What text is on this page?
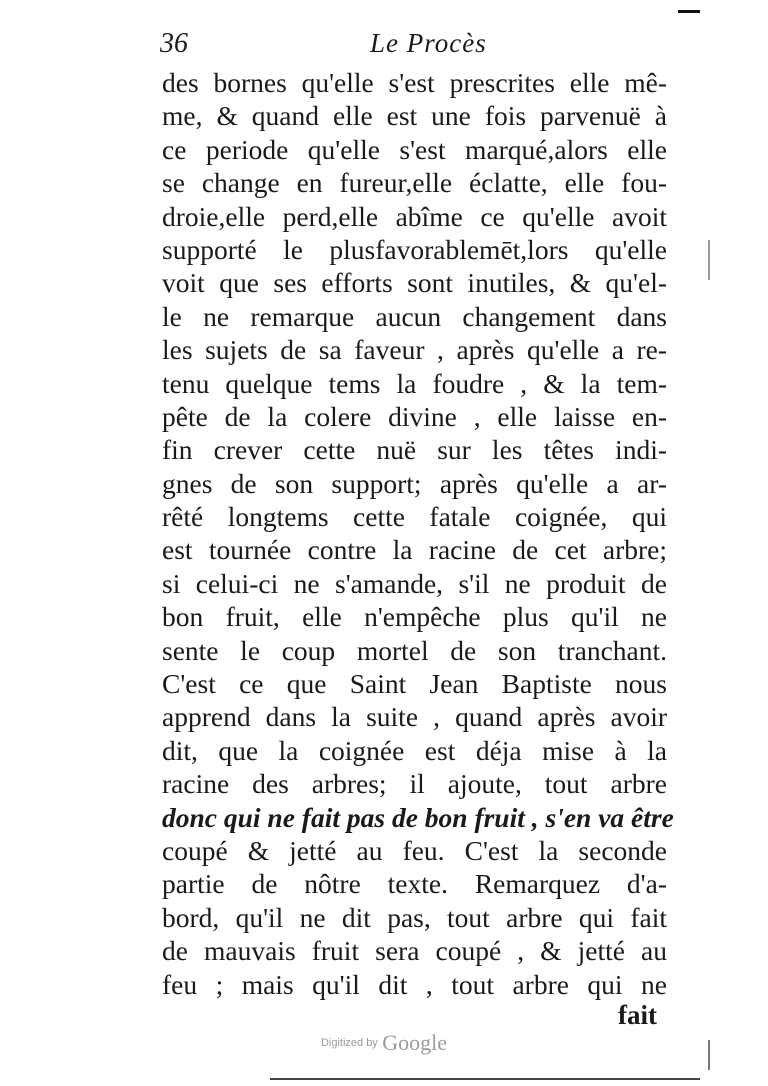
36	Le Procès
des bornes qu'elle s'est prescrites elle mê-
me, & quand elle est une fois parvenuë à
ce periode qu'elle s'est marqué,alors elle
se change en fureur,elle éclatte, elle fou-
droie,elle perd,elle abîme ce qu'elle avoit
supporté le plusfavorablemēt,lors qu'elle
voit que ses efforts sont inutiles, & qu'el-
le ne remarque aucun changement dans
les sujets de sa faveur , après qu'elle a re-
tenu quelque tems la foudre , & la tem-
pête de la colere divine , elle laisse en-
fin crever cette nuë sur les têtes indi-
gnes de son support; après qu'elle a ar-
rêté longtems cette fatale coignée, qui
est tournée contre la racine de cet arbre;
si celui-ci ne s'amande, s'il ne produit de
bon fruit, elle n'empêche plus qu'il ne
sente le coup mortel de son tranchant.
C'est ce que Saint Jean Baptiste nous
apprend dans la suite , quand après avoir
dit, que la coignée est déja mise à la
racine des arbres; il ajoute, tout arbre
donc qui ne fait pas de bon fruit , s'en va être
coupé & jetté au feu. C'est la seconde
partie de nôtre texte. Remarquez d'a-
bord, qu'il ne dit pas, tout arbre qui fait
de mauvais fruit sera coupé , & jetté au
feu ; mais qu'il dit , tout arbre qui ne
fait
Digitized by Google
